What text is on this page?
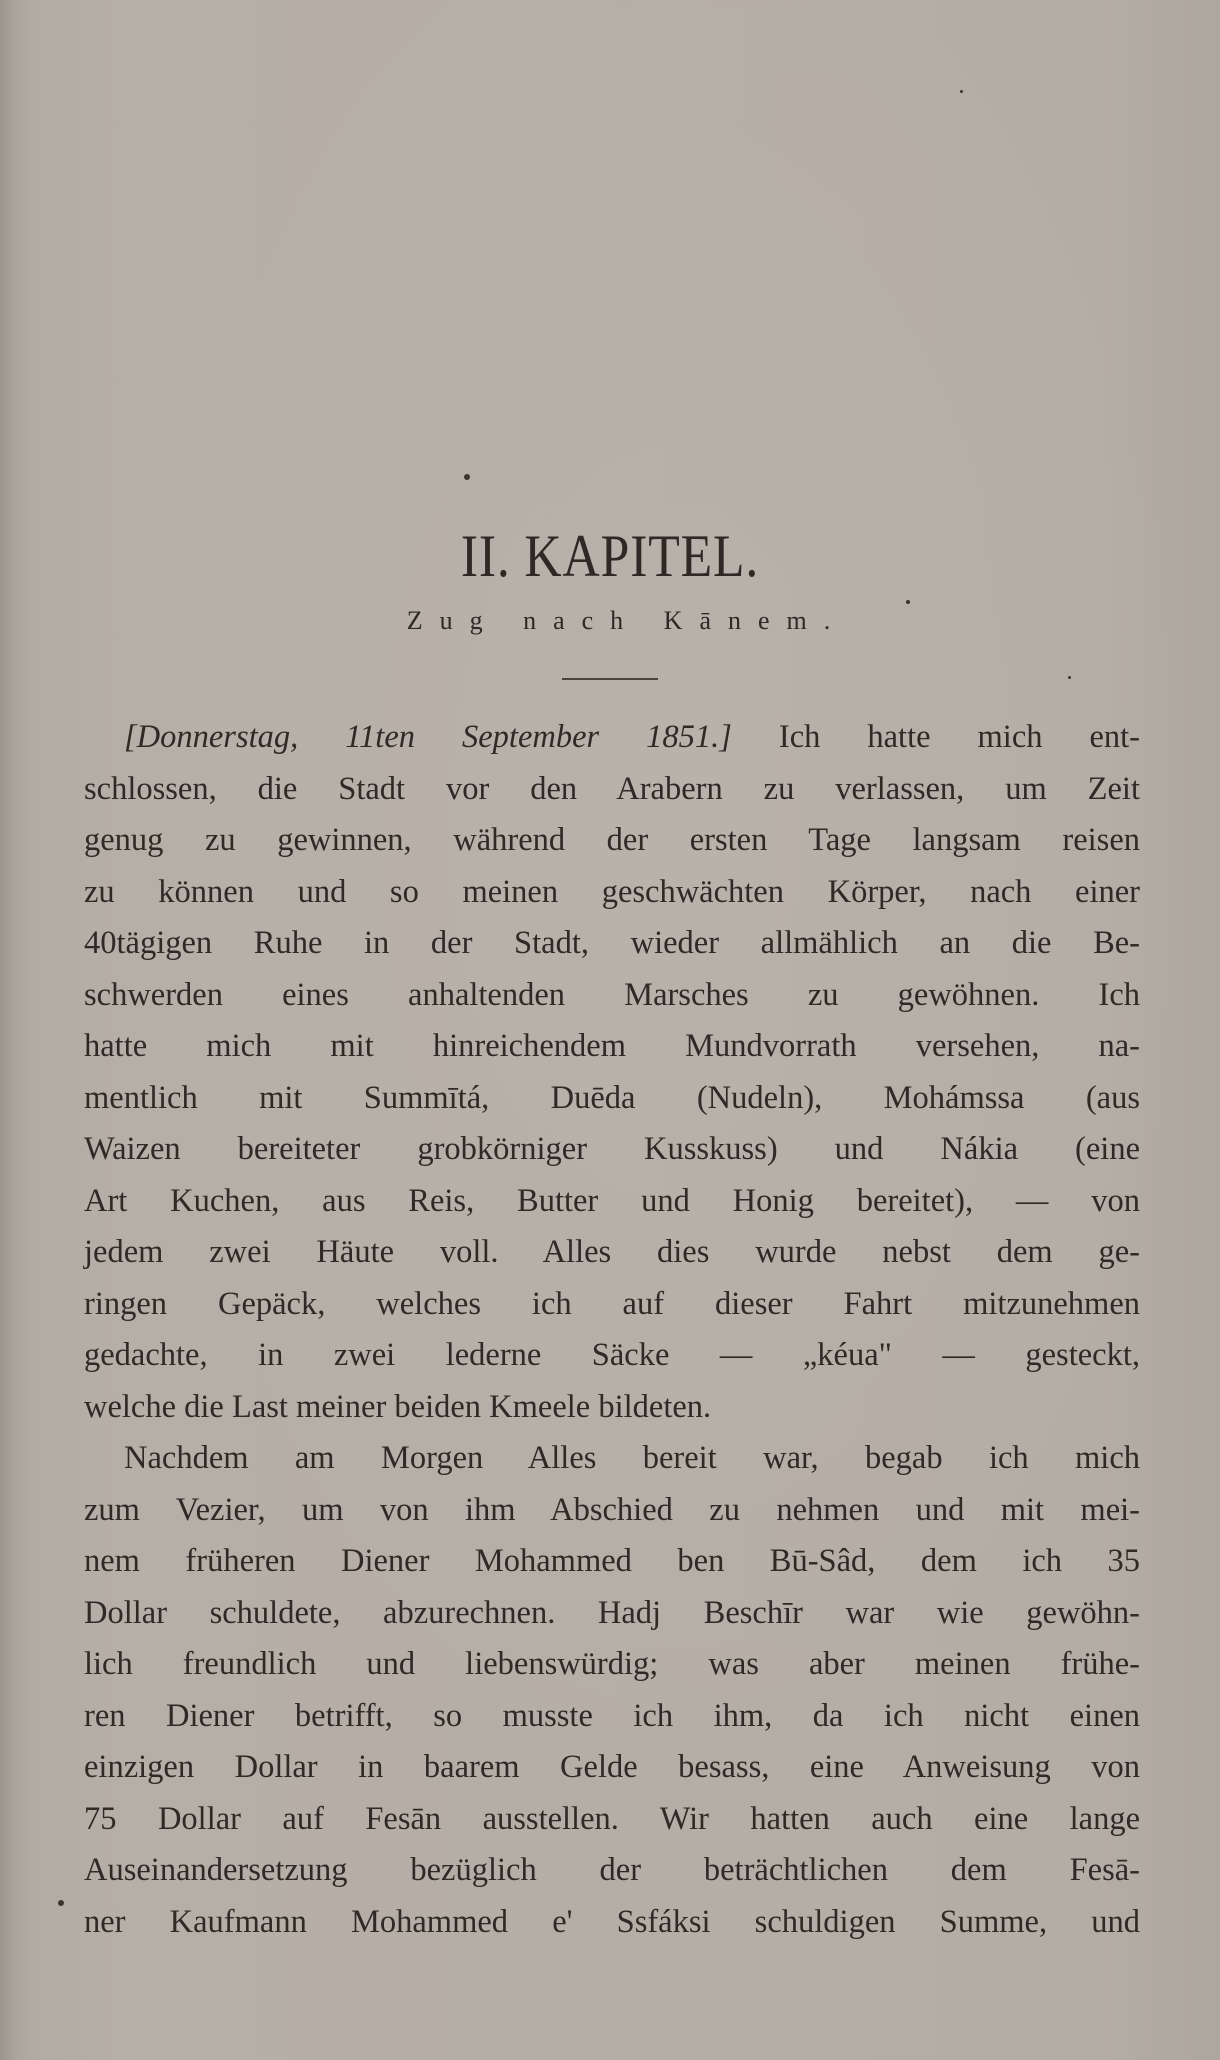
II. KAPITEL.
Zug nach Kānem.
[Donnerstag, 11ten September 1851.] Ich hatte mich ent-
schlossen, die Stadt vor den Arabern zu verlassen, um Zeit
genug zu gewinnen, während der ersten Tage langsam reisen
zu können und so meinen geschwächten Körper, nach einer
40tägigen Ruhe in der Stadt, wieder allmählich an die Be-
schwerden eines anhaltenden Marsches zu gewöhnen. Ich
hatte mich mit hinreichendem Mundvorrath versehen, na-
mentlich mit Summītá, Duēda (Nudeln), Mohámssa (aus
Waizen bereiteter grobkörniger Kusskuss) und Nákia (eine
Art Kuchen, aus Reis, Butter und Honig bereitet), — von
jedem zwei Häute voll. Alles dies wurde nebst dem ge-
ringen Gepäck, welches ich auf dieser Fahrt mitzunehmen
gedachte, in zwei lederne Säcke — „kéua" — gesteckt,
welche die Last meiner beiden Kmeele bildeten.
Nachdem am Morgen Alles bereit war, begab ich mich
zum Vezier, um von ihm Abschied zu nehmen und mit mei-
nem früheren Diener Mohammed ben Bū-Sâd, dem ich 35
Dollar schuldete, abzurechnen. Hadj Beschīr war wie gewöhn-
lich freundlich und liebenswürdig; was aber meinen frühe-
ren Diener betrifft, so musste ich ihm, da ich nicht einen
einzigen Dollar in baarem Gelde besass, eine Anweisung von
75 Dollar auf Fesān ausstellen. Wir hatten auch eine lange
Auseinandersetzung bezüglich der beträchtlichen dem Fesā-
ner Kaufmann Mohammed e' Ssfáksi schuldigen Summe, und
